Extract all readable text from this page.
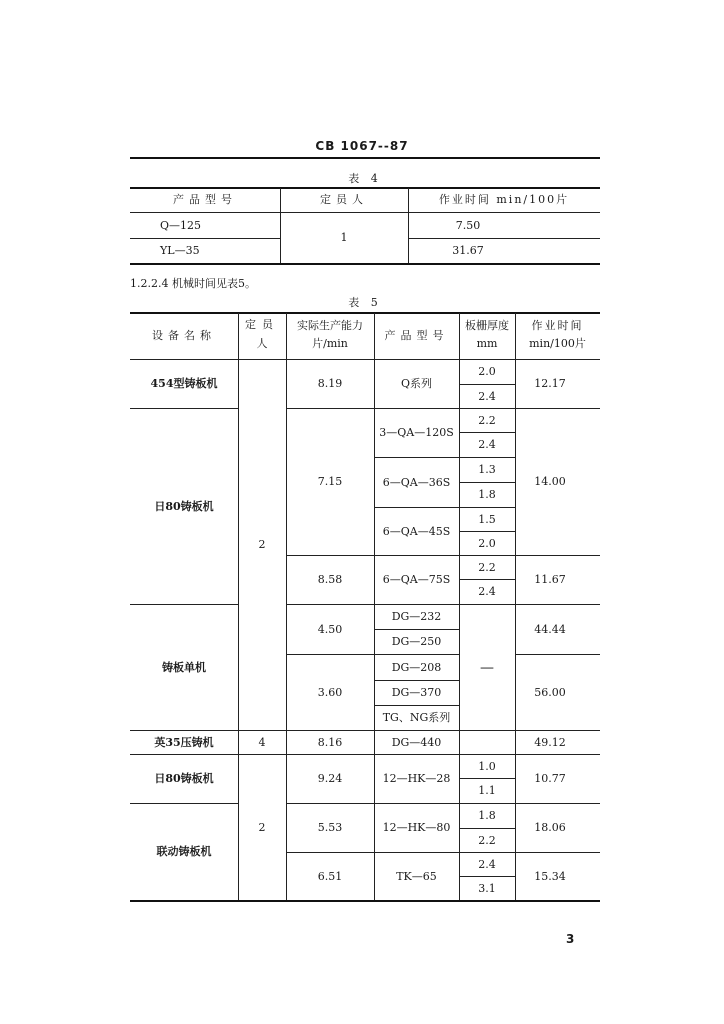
CB 1067--87
表 4
产品型号	定员人	作业时间 min/100片
Q—125
YL—35
1
7.50
31.67
1.2.2.4 机械时间见表5。
表 5
设备名称
定员
人
实际生产能力
片/min
产品型号
板栅厚度
mm
作业时间
min/100片
454型铸板机
日80铸板机
铸板单机
英35压铸机
日80铸板机
联动铸板机
2
4
2
8.19
7.15
8.58
4.50
3.60
8.16
9.24
5.53
6.51
Q系列
3—QA—120S
6—QA—36S
6—QA—45S
6—QA—75S
DG—232
DG—250
DG—208
DG—370
TG、NG系列
DG—440
12—HK—28
12—HK—80
TK—65
2.0
2.4
2.2
2.4
1.3
1.8
1.5
2.0
2.2
2.4
—
1.0
1.1
1.8
2.2
2.4
3.1
12.17
14.00
11.67
44.44
56.00
49.12
10.77
18.06
15.34
3
